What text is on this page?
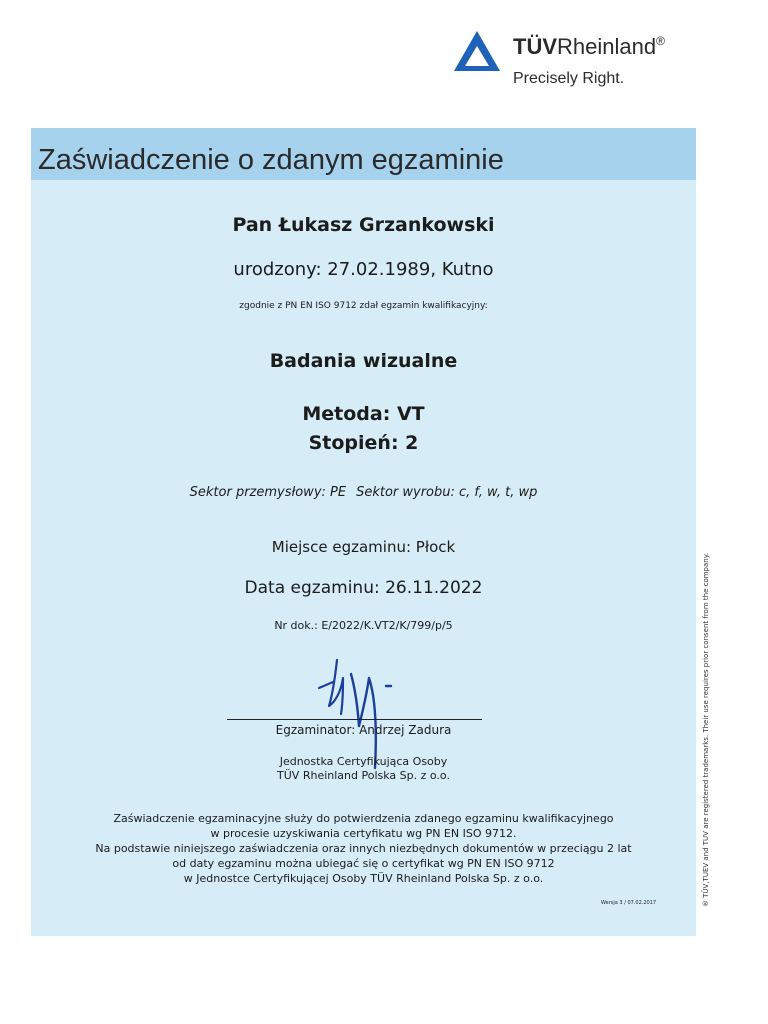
TÜVRheinland®
Precisely Right.
Zaświadczenie o zdanym egzaminie
Pan Łukasz Grzankowski
urodzony: 27.02.1989, Kutno
zgodnie z PN EN ISO 9712 zdał egzamin kwalifikacyjny:
Badania wizualne
Metoda: VT
Stopień: 2
Sektor przemysłowy: PE Sektor wyrobu: c, f, w, t, wp
Miejsce egzaminu: Płock
Data egzaminu: 26.11.2022
Nr dok.: E/2022/K.VT2/K/799/p/5
Egzaminator: Andrzej Zadura
Jednostka Certyfikująca Osoby
TÜV Rheinland Polska Sp. z o.o.
Zaświadczenie egzaminacyjne służy do potwierdzenia zdanego egzaminu kwalifikacyjnego
w procesie uzyskiwania certyfikatu wg PN EN ISO 9712.
Na podstawie niniejszego zaświadczenia oraz innych niezbędnych dokumentów w przeciągu 2 lat
od daty egzaminu można ubiegać się o certyfikat wg PN EN ISO 9712
w Jednostce Certyfikującej Osoby TÜV Rheinland Polska Sp. z o.o.
Wersja 3 / 07.02.2017	® TÜV,TUEV and TUV are registered trademarks. Their use requires prior consent from the company.
